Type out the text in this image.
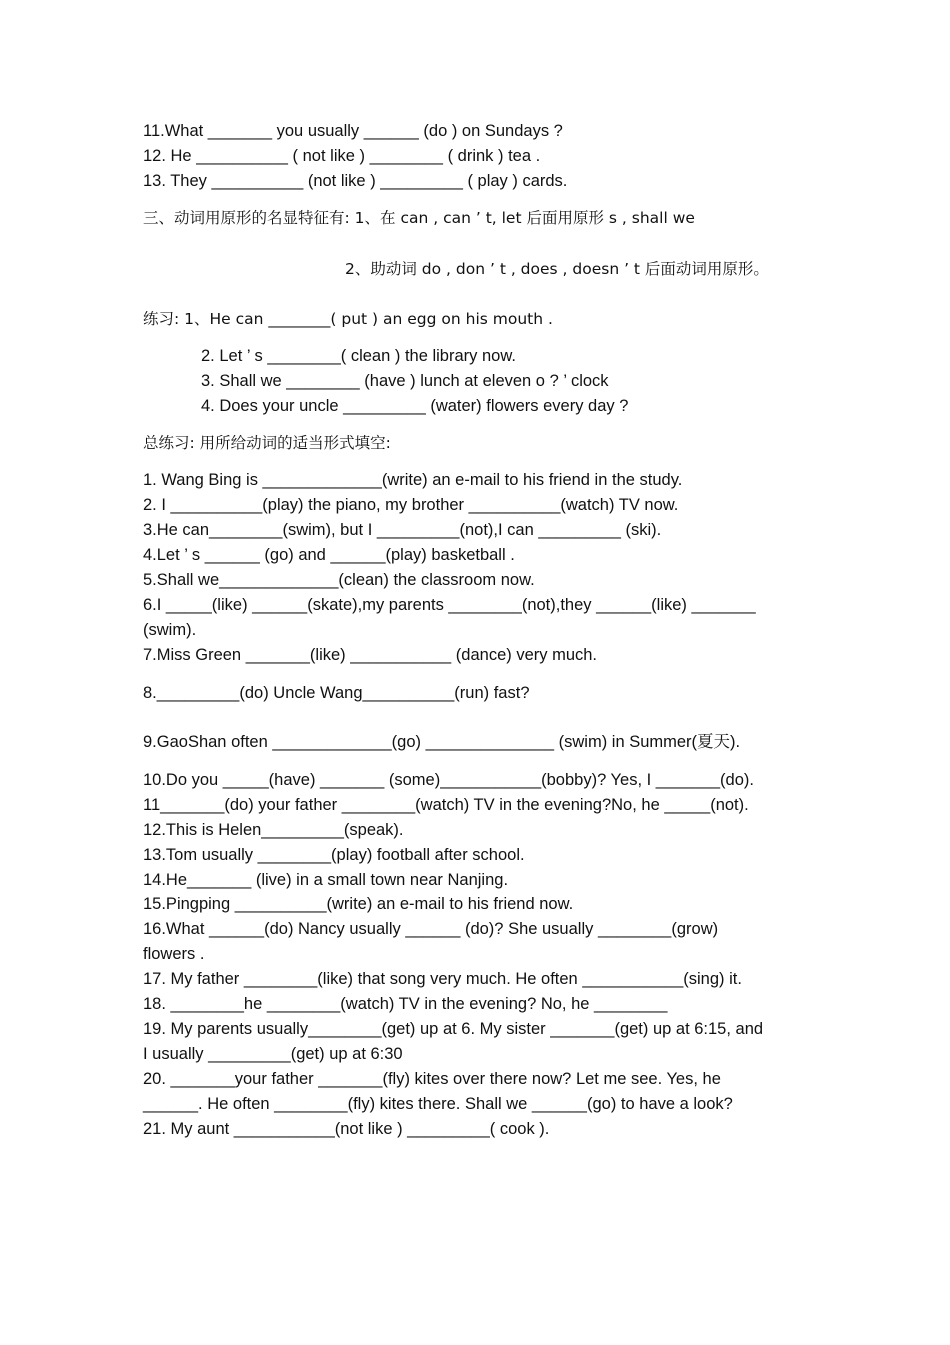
11.What _______ you usually ______ (do ) on Sundays ?
12. He __________ ( not like ) ________ ( drink ) tea .
13. They __________ (not like ) _________ ( play ) cards.
三、动词用原形的名显特征有: 1、在 can , can ’ t, let 后面用原形 s , shall we
2、助动词 do , don ’ t , does , doesn ’ t 后面动词用原形。
练习: 1、He can ________( put ) an egg on his mouth .
2. Let ’ s ________( clean ) the library now.
3. Shall we ________ (have ) lunch at eleven o ? ’ clock
4. Does your uncle _________ (water) flowers every day ?
总练习: 用所给动词的适当形式填空:
1. Wang Bing is _____________(write) an e-mail to his friend in the study.
2. I __________(play) the piano, my brother __________(watch) TV now.
3.He can________(swim), but I _________(not),I can _________ (ski).
4.Let ’ s ______ (go) and ______(play) basketball .
5.Shall we_____________(clean) the classroom now.
6.I _____(like) ______(skate),my parents ________(not),they ______(like) _______
(swim).
7.Miss Green _______(like) ___________ (dance) very much.
8._________(do) Uncle Wang__________(run) fast?
9.GaoShan often _____________(go) ______________ (swim) in Summer(夏天).
10.Do you _____(have) _______ (some)___________(bobby)? Yes, I _______(do).
11_______(do) your father ________(watch) TV in the evening?No, he _____(not).
12.This is Helen_________(speak).
13.Tom usually ________(play) football after school.
14.He_______ (live) in a small town near Nanjing.
15.Pingping __________(write) an e-mail to his friend now.
16.What ______(do) Nancy usually ______ (do)? She usually ________(grow)
flowers .
17. My father ________(like) that song very much. He often ___________(sing) it.
18. ________he ________(watch) TV in the evening? No, he ________
19. My parents usually________(get) up at 6. My sister _______(get) up at 6:15, and
I usually _________(get) up at 6:30
20. _______your father _______(fly) kites over there now? Let me see. Yes, he
______. He often ________(fly) kites there. Shall we ______(go) to have a look?
21. My aunt ___________(not like ) _________( cook ).
